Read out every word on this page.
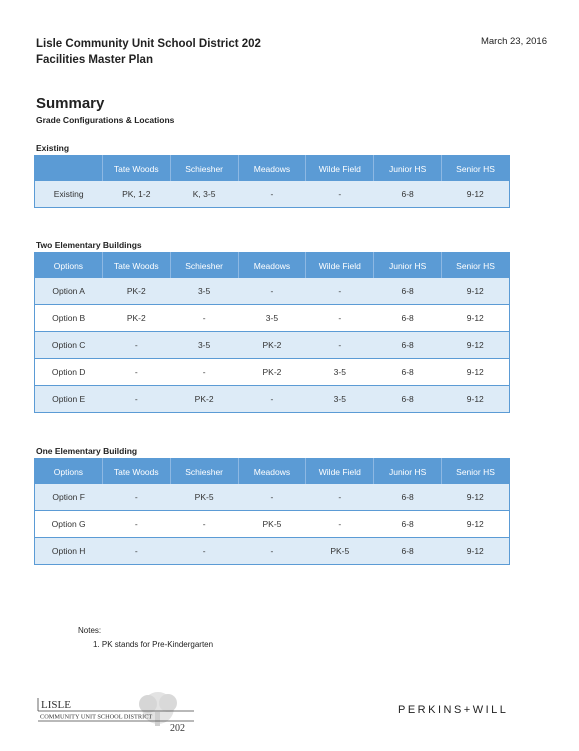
Lisle Community Unit School District 202
Facilities Master Plan
March 23, 2016
Summary
Grade Configurations & Locations
Existing
	Tate Woods	Schiesher	Meadows	Wilde Field	Junior HS	Senior HS
Existing	PK, 1-2	K, 3-5	-	-	6-8	9-12
Two Elementary Buildings
Options	Tate Woods	Schiesher	Meadows	Wilde Field	Junior HS	Senior HS
Option A	PK-2	3-5	-	-	6-8	9-12
Option B	PK-2	-	3-5	-	6-8	9-12
Option C	-	3-5	PK-2	-	6-8	9-12
Option D	-	-	PK-2	3-5	6-8	9-12
Option E	-	PK-2	-	3-5	6-8	9-12
One Elementary Building
Options	Tate Woods	Schiesher	Meadows	Wilde Field	Junior HS	Senior HS
Option F	-	PK-5	-	-	6-8	9-12
Option G	-	-	PK-5	-	6-8	9-12
Option H	-	-	-	PK-5	6-8	9-12
Notes:
1. PK stands for Pre-Kindergarten
LISLE
COMMUNITY UNIT SCHOOL DISTRICT
202
PERKINS+WILL
